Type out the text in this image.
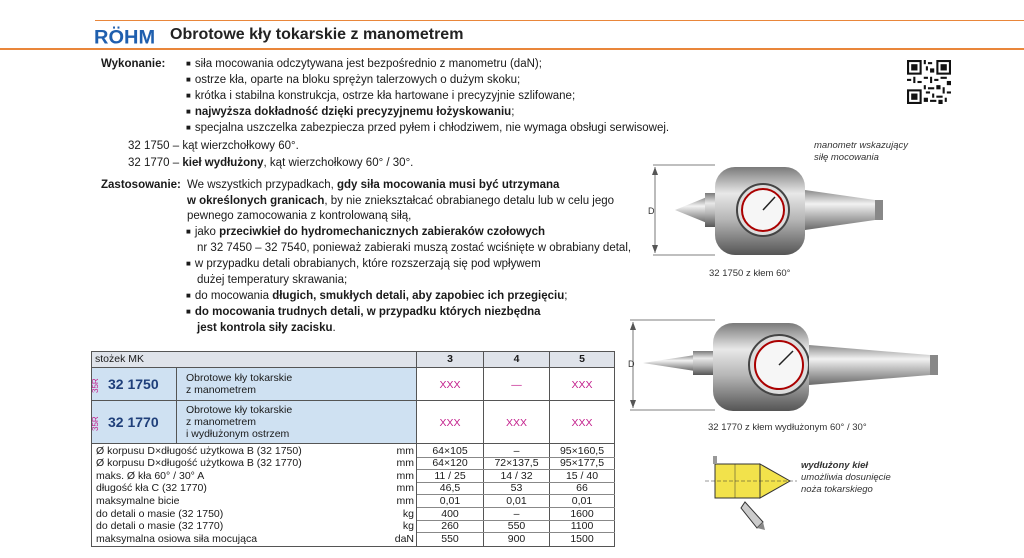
RÖHM Obrotowe kły tokarskie z manometrem
Wykonanie:
■	siła mocowania odczytywana jest bezpośrednio z manometru (daN);
■ ostrze kła, oparte na bloku sprężyn talerzowych o dużym skoku;
■ krótka i stabilna konstrukcja, ostrze kła hartowane i precyzyjnie szlifowane;
■ najwyższa dokładność dzięki precyzyjnemu łożyskowaniu;
■ specjalna uszczelka zabezpiecza przed pyłem i chłodziwem, nie wymaga obsługi serwisowej.
32 1750 – kąt wierzchołkowy 60°.
32 1770 – kieł wydłużony, kąt wierzchołkowy 60° / 30°.
Zastosowanie: We wszystkich przypadkach, gdy siła mocowania musi być utrzymana
w określonych granicach, by nie zniekształcać obrabianego detalu lub w celu jego
pewnego zamocowania z kontrolowaną siłą,
■ jako przeciwkieł do hydromechanicznych zabieraków czołowych
nr 32 7450 – 32 7540, ponieważ zabieraki muszą zostać wciśnięte w obrabiany detal,
■ w przypadku detali obrabianych, które rozszerzają się pod wpływem
dużej temperatury skrawania;
■ do mocowania długich, smukłych detali, aby zapobiec ich przegięciu;
■ do mocowania trudnych detali, w przypadku których niezbędna
jest kontrola siły zacisku.
manometr wskazujący
siłę mocowania
32 1750 z kłem 60°
32 1770 z kłem wydłużonym 60° / 30°
wydłużony kieł
umożliwia dosunięcie
noża tokarskiego
D
D
stożek MK	3	4	5
35R 32 1750	Obrotowe kły tokarskie
z manometrem	XXX	—	XXX
35R 32 1770
Obrotowe kły tokarskie
z manometrem
i wydłużonym ostrzem
XXX	XXX	XXX
Ø korpusu D×długość użytkowa B (32 1750)	mm	64×105	–	95×160,5
Ø korpusu D×długość użytkowa B (32 1770)	mm	64×120	72×137,5	95×177,5
maks. Ø kła 60° / 30° A	mm	11 / 25	14 / 32	15 / 40
długość kła C (32 1770)	mm	46,5	53	66
maksymalne bicie	mm	0,01	0,01	0,01
do detali o masie (32 1750)	kg	400	–	1600
do detali o masie (32 1770)	kg	260	550	1100
maksymalna osiowa siła mocująca	daN	550	900	1500
